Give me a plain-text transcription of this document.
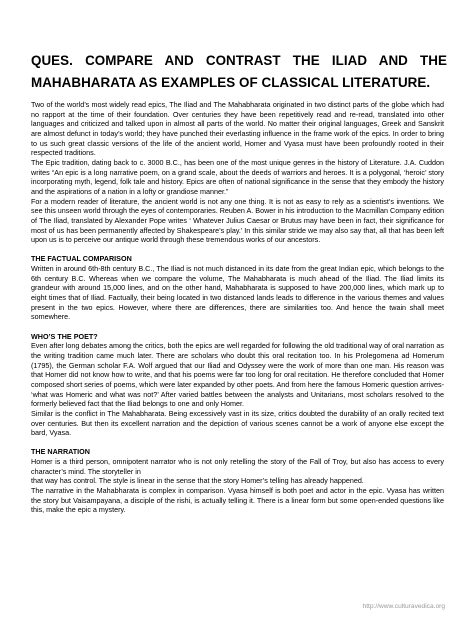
QUES. COMPARE AND CONTRAST THE ILIAD AND THE MAHABHARATA AS EXAMPLES OF CLASSICAL LITERATURE.

Two of the world’s most widely read epics, The Iliad and The Mahabharata originated in two distinct parts of the globe which had no rapport at the time of their foundation. Over centuries they have been repetitively read and re-read, translated into other languages and criticized and talked upon in almost all parts of the world. No matter their original languages, Greek and Sanskrit are almost defunct in today’s world; they have punched their everlasting influence in the frame work of the epics. In order to bring to us such great classic versions of the life of the ancient world, Homer and Vyasa must have been profoundly rooted in their respected traditions.

The Epic tradition, dating back to c. 3000 B.C., has been one of the most unique genres in the history of Literature. J.A. Cuddon writes “An epic is a long narrative poem, on a grand scale, about the deeds of warriors and heroes. It is a polygonal, ‘heroic’ story incorporating myth, legend, folk tale and history. Epics are often of national significance in the sense that they embody the history and the aspirations of a nation in a lofty or grandiose manner.”

For a modern reader of literature, the ancient world is not any one thing. It is not as easy to rely as a scientist’s inventions. We see this unseen world through the eyes of contemporaries. Reuben A. Bower in his introduction to the Macmillan Company edition of The Iliad, translated by Alexander Pope writes ‘ Whatever Julius Caesar or Brutus may have been in fact, their significance for most of us has been permanently affected by Shakespeare’s play.’ In this similar stride we may also say that, all that has been left upon us is to perceive our antique world through these tremendous works of our ancestors.

THE FACTUAL COMPARISON

Written in around 6th-8th century B.C., The Iliad is not much distanced in its date from the great Indian epic, which belongs to the 6th century B.C. Whereas when we compare the volume, The Mahabharata is much ahead of the Iliad. The Iliad limits its grandeur with around 15,000 lines, and on the other hand, Mahabharata is supposed to have 200,000 lines, which mark up to eight times that of Iliad. Factually, their being located in two distanced lands leads to difference in the various themes and values present in the two epics. However, where there are differences, there are similarities too. And hence the twain shall meet somewhere.

WHO’S THE POET?

Even after long debates among the critics, both the epics are well regarded for following the old traditional way of oral narration as the writing tradition came much later. There are scholars who doubt this oral recitation too. In his Prolegomena ad Homerum (1795), the German scholar F.A. Wolf argued that our Iliad and Odyssey were the work of more than one man. His reason was that Homer did not know how to write, and that his poems were far too long for oral recitation. He therefore concluded that Homer composed short series of poems, which were later expanded by other poets. And from here the famous Homeric question arrives- ‘what was Homeric and what was not?’ After varied battles between the analysts and Unitarians, most scholars resolved to the formerly believed fact that the Iliad belongs to one and only Homer.

Similar is the conflict in The Mahabharata. Being excessively vast in its size, critics doubted the durability of an orally recited text over centuries. But then its excellent narration and the depiction of various scenes cannot be a work of anyone else except the bard, Vyasa.

THE NARRATION

Homer is a third person, omnipotent narrator who is not only retelling the story of the Fall of Troy, but also has access to every character’s mind. The storyteller in

that way has control. The style is linear in the sense that the story Homer’s telling has already happened.

The narrative in the Mahabharata is complex in comparison. Vyasa himself is both poet and actor in the epic. Vyasa has written the story but Vaisampayana, a disciple of the rishi, is actually telling it. There is a linear form but some open-ended questions like this, make the epic a mystery.

http://www.culturavedica.org
